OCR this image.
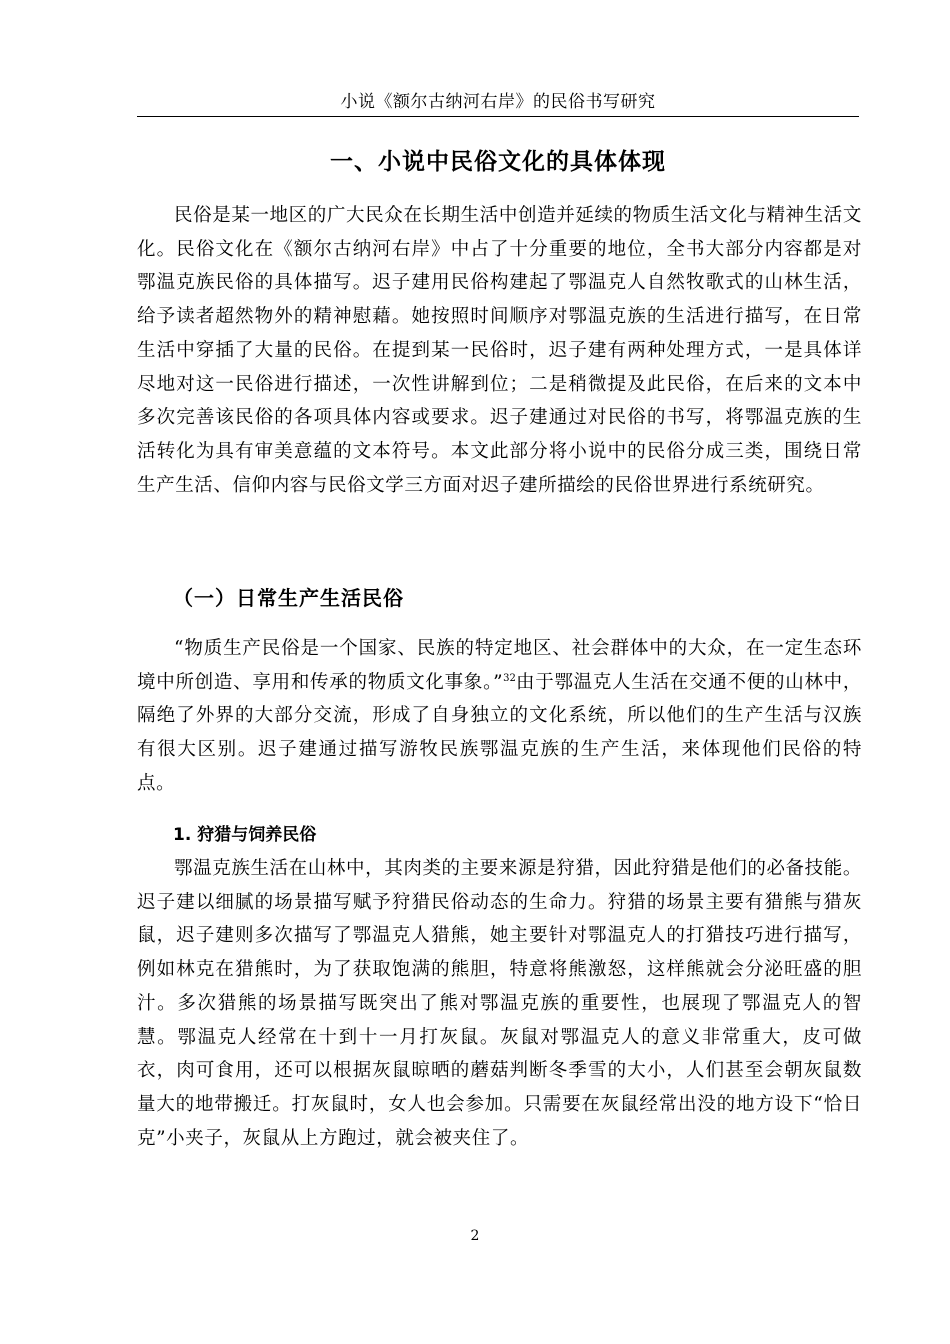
小说《额尔古纳河右岸》的民俗书写研究
一、小说中民俗文化的具体体现

民俗是某一地区的广大民众在长期生活中创造并延续的物质生活文化与精神生活文化。民俗文化在《额尔古纳河右岸》中占了十分重要的地位，全书大部分内容都是对鄂温克族民俗的具体描写。迟子建用民俗构建起了鄂温克人自然牧歌式的山林生活，给予读者超然物外的精神慰藉。她按照时间顺序对鄂温克族的生活进行描写，在日常生活中穿插了大量的民俗。在提到某一民俗时，迟子建有两种处理方式，一是具体详尽地对这一民俗进行描述，一次性讲解到位；二是稍微提及此民俗，在后来的文本中多次完善该民俗的各项具体内容或要求。迟子建通过对民俗的书写，将鄂温克族的生活转化为具有审美意蕴的文本符号。本文此部分将小说中的民俗分成三类，围绕日常生产生活、信仰内容与民俗文学三方面对迟子建所描绘的民俗世界进行系统研究。

（一）日常生产生活民俗

“物质生产民俗是一个国家、民族的特定地区、社会群体中的大众，在一定生态环境中所创造、享用和传承的物质文化事象。”$^{32}$由于鄂温克人生活在交通不便的山林中，隔绝了外界的大部分交流，形成了自身独立的文化系统，所以他们的生产生活与汉族有很大区别。迟子建通过描写游牧民族鄂温克族的生产生活，来体现他们民俗的特点。

1. 狩猎与饲养民俗

鄂温克族生活在山林中，其肉类的主要来源是狩猎，因此狩猎是他们的必备技能。迟子建以细腻的场景描写赋予狩猎民俗动态的生命力。狩猎的场景主要有猎熊与猎灰鼠，迟子建则多次描写了鄂温克人猎熊，她主要针对鄂温克人的打猎技巧进行描写，例如林克在猎熊时，为了获取饱满的熊胆，特意将熊激怒，这样熊就会分泌旺盛的胆汁。多次猎熊的场景描写既突出了熊对鄂温克族的重要性，也展现了鄂温克人的智慧。鄂温克人经常在十到十一月打灰鼠。灰鼠对鄂温克人的意义非常重大，皮可做衣，肉可食用，还可以根据灰鼠晾晒的蘑菇判断冬季雪的大小，人们甚至会朝灰鼠数量大的地带搬迁。打灰鼠时，女人也会参加。只需要在灰鼠经常出没的地方设下“恰日克”小夹子，灰鼠从上方跑过，就会被夹住了。

2
